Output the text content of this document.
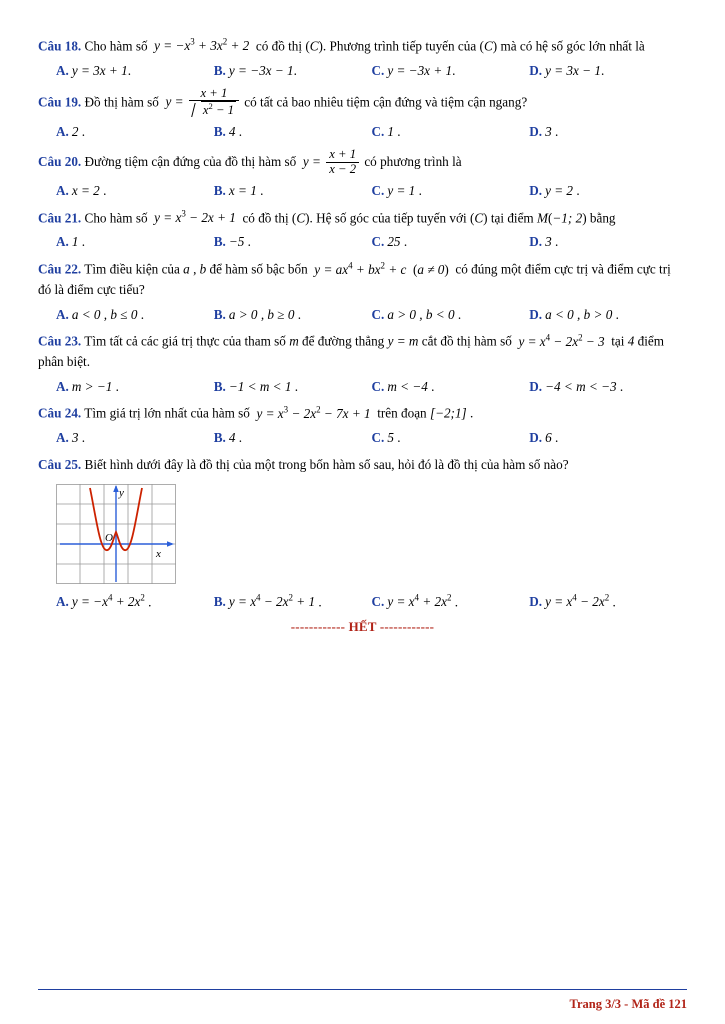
Câu 18. Cho hàm số  $y = -x^3 + 3x^2 + 2$  có đồ thị (C). Phương trình tiếp tuyến của (C) mà có hệ số góc lớn nhất là
A. y = 3x + 1.	B. y = −3x − 1.	C. y = −3x + 1.	D. y = 3x − 1.
Câu 19. Đồ thị hàm số  $y = \frac{x + 1}{x^2 - 1}$ có tất cả bao nhiêu tiệm cận đứng và tiệm cận ngang?
A. 2 .	B. 4 .	C. 1 .	D. 3 .
Câu 20. Đường tiệm cận đứng của đồ thị hàm số  $y = \frac{x + 1}{x - 2}$ có phương trình là
A. x = 2 .	B. x = 1 .	C. y = 1 .	D. y = 2 .
Câu 21. Cho hàm số  $y = x^3 - 2x + 1$  có đồ thị (C). Hệ số góc của tiếp tuyến với (C) tại điểm M(−1; 2) bằng
A. 1 .	B. −5 .	C. 25 .	D. 3 .
Câu 22. Tìm điều kiện của a , b để hàm số bậc bốn  $y = ax^4 + bx^2 + c$  (a ≠ 0) có đúng một điểm cực trị và điểm cực trị đó là điểm cực tiểu?
A. a < 0 , b ≤ 0 .	B. a > 0 , b ≥ 0 .	C. a > 0 , b < 0 .	D. a < 0 , b > 0 .
Câu 23. Tìm tất cả các giá trị thực của tham số m để đường thẳng y = m cắt đồ thị hàm số  $y = x^4 - 2x^2 - 3$  tại 4 điểm phân biệt.
A. m > −1 .	B. −1 < m < 1 .	C. m < −4 .	D. −4 < m < −3 .
Câu 24. Tìm giá trị lớn nhất của hàm số  $y = x^3 - 2x^2 - 7x + 1$  trên đoạn [−2;1] .
A. 3 .	B. 4 .	C. 5 .	D. 6 .
Câu 25. Biết hình dưới đây là đồ thị của một trong bốn hàm số sau, hỏi đó là đồ thị của hàm số nào?
y
x
O
A. $y = -x^4 + 2x^2$ .	B. $y = x^4 - 2x^2 + 1$ .	C. $y = x^4 + 2x^2$ .	D. $y = x^4 - 2x^2$ .
------------ HẾT ------------
Trang 3/3 - Mã đề 121
